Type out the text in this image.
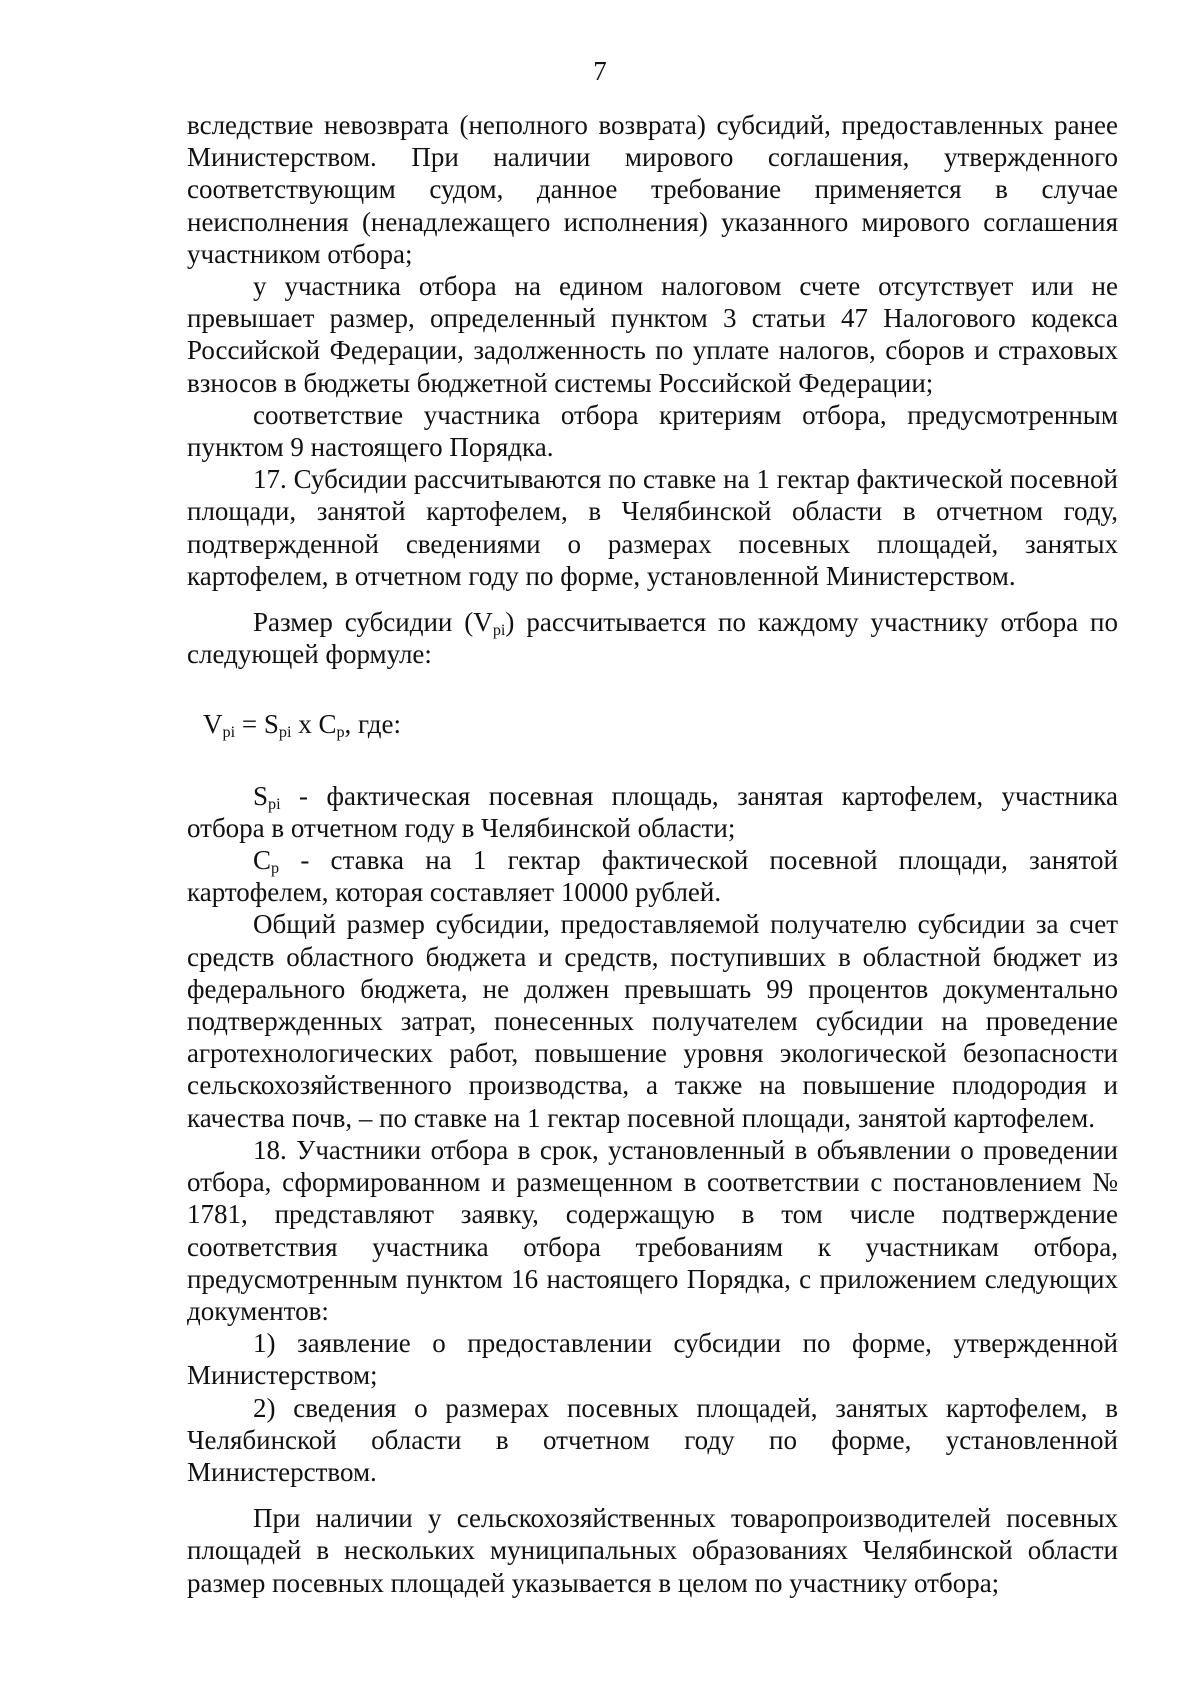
7

вследствие невозврата (неполного возврата) субсидий, предоставленных ранее Министерством. При наличии мирового соглашения, утвержденного соответствующим судом, данное требование применяется в случае неисполнения (ненадлежащего исполнения) указанного мирового соглашения участником отбора;

у участника отбора на едином налоговом счете отсутствует или не превышает размер, определенный пунктом 3 статьи 47 Налогового кодекса Российской Федерации, задолженность по уплате налогов, сборов и страховых взносов в бюджеты бюджетной системы Российской Федерации;

соответствие участника отбора критериям отбора, предусмотренным пунктом 9 настоящего Порядка.

17. Субсидии рассчитываются по ставке на 1 гектар фактической посевной площади, занятой картофелем, в Челябинской области в отчетном году, подтвержденной сведениями о размерах посевных площадей, занятых картофелем, в отчетном году по форме, установленной Министерством.

Размер субсидии $(V_{pi})$ рассчитывается по каждому участнику отбора по следующей формуле:

$V_{pi} = S_{pi}$ x $C_p$, где:

$S_{pi}$ - фактическая посевная площадь, занятая картофелем, участника отбора в отчетном году в Челябинской области;

$C_p$ - ставка на 1 гектар фактической посевной площади, занятой картофелем, которая составляет 10000 рублей.

Общий размер субсидии, предоставляемой получателю субсидии за счет средств областного бюджета и средств, поступивших в областной бюджет из федерального бюджета, не должен превышать 99 процентов документально подтвержденных затрат, понесенных получателем субсидии на проведение агротехнологических работ, повышение уровня экологической безопасности сельскохозяйственного производства, а также на повышение плодородия и качества почв, – по ставке на 1 гектар посевной площади, занятой картофелем.

18. Участники отбора в срок, установленный в объявлении о проведении отбора, сформированном и размещенном в соответствии с постановлением № 1781, представляют заявку, содержащую в том числе подтверждение соответствия участника отбора требованиям к участникам отбора, предусмотренным пунктом 16 настоящего Порядка, с приложением следующих документов:

1) заявление о предоставлении субсидии по форме, утвержденной Министерством;

2) сведения о размерах посевных площадей, занятых картофелем, в Челябинской области в отчетном году по форме, установленной Министерством.

При наличии у сельскохозяйственных товаропроизводителей посевных площадей в нескольких муниципальных образованиях Челябинской области размер посевных площадей указывается в целом по участнику отбора;
